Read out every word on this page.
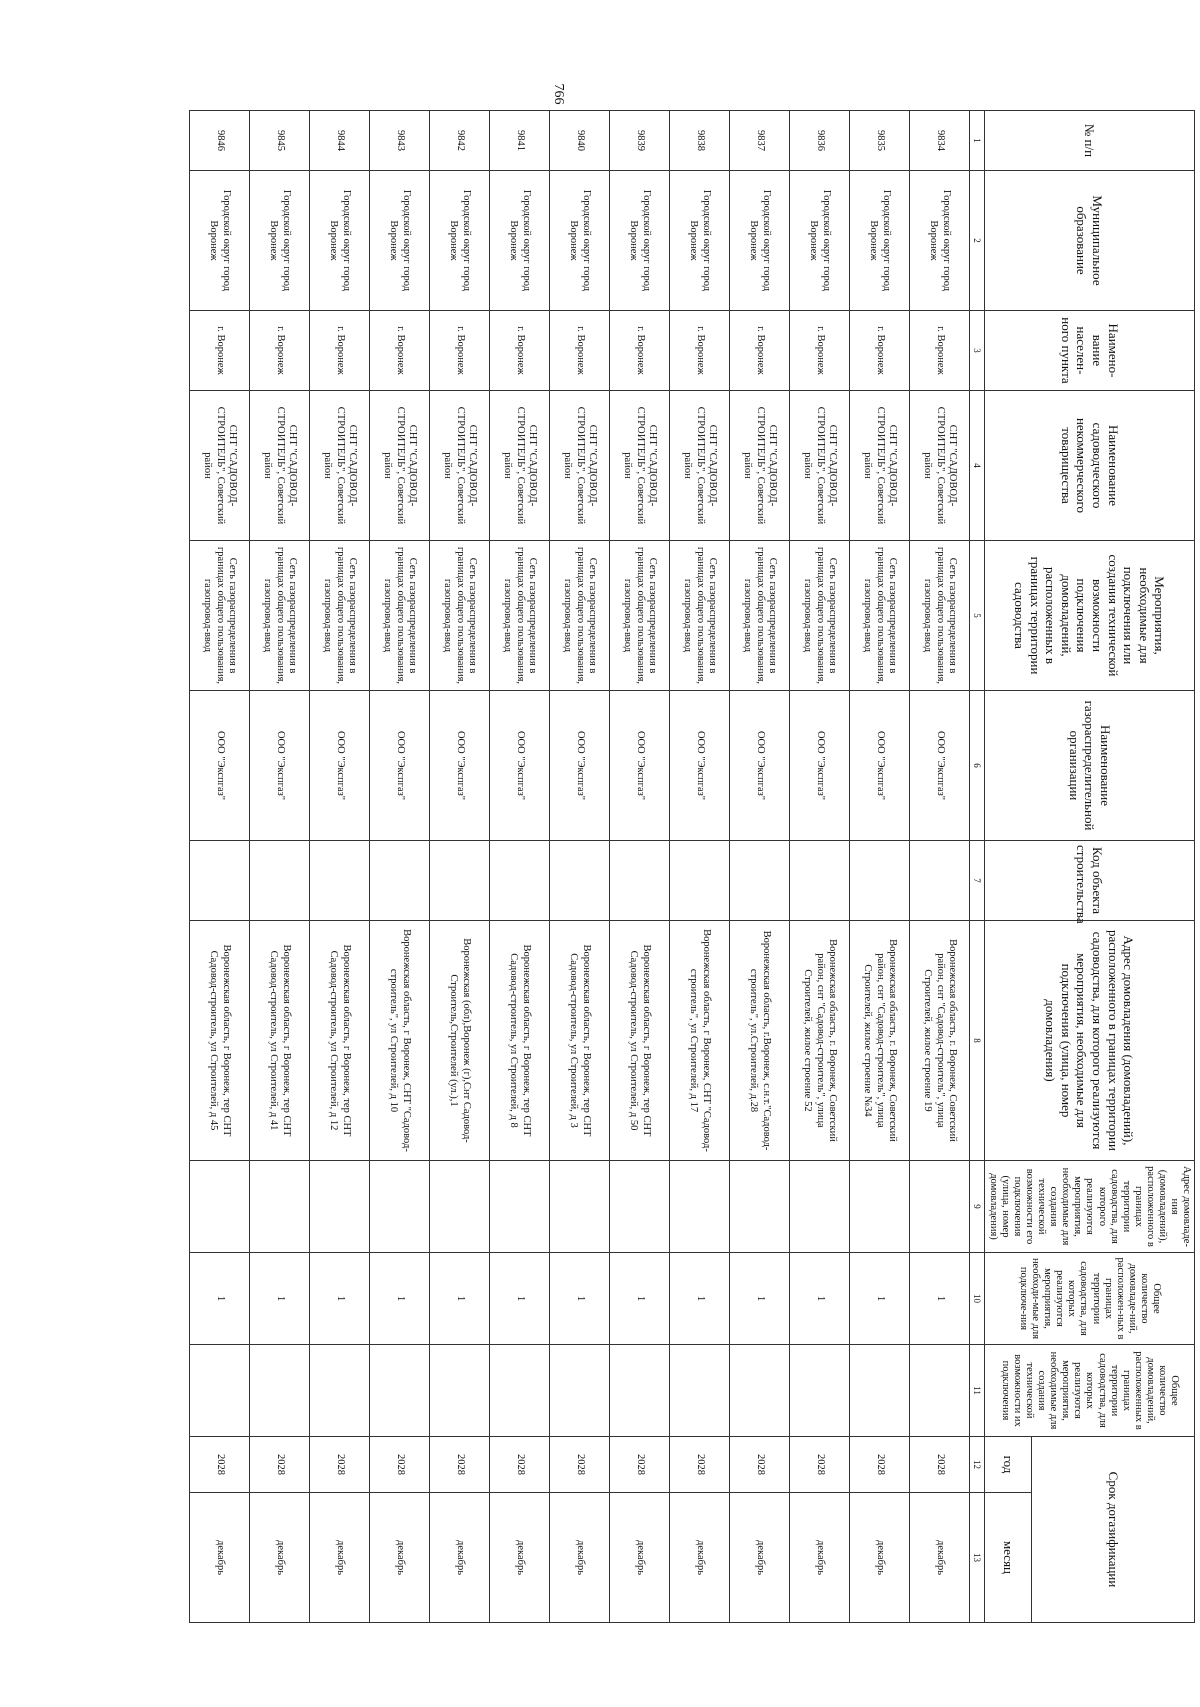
766
№ п/п	Муниципальное образование	Наимено-вание населен-ного пункта	Наименование садоводческого некоммерческого товарищества	Мероприятия, необходимые для подключения или создания технической возможности подключения домовладений, расположенных в границах территории садоводства	Наименование газораспределительной организации	Код объекта строительства	Адрес домовладения (домовладений), расположенного в границах территории садоводства, для которого реализуются мероприятия, необходимые для подключения (улица, номер домовладения)	Адрес домовладе-ния (домовладений), расположенного в границах территории садоводства, для которого реализуются мероприятия, необходимые для создания технической возможности его подключения (улица, номер домовладения)	Общее количество домовладе-ний, расположен-ных в границах территории садоводства, для которых реализуются мероприятия, необходи-мые для подключе-ния	Общее количество домовладений, расположенных в границах территории садоводства, для которых реализуются мероприятия, необходимые для создания технической возможности их подключения	Срок догазификации	
											год	месяц
1	2	3	4	5	6	7	8	9	10	11	12	13
9834	Городской округ город Воронеж	г. Воронеж	СНТ "САДОВОД-СТРОИТЕЛЬ", Советский район	Сеть газораспределения в границах общего пользования, газопровод-ввод	ООО "Экспгаз"		Воронежская область, г. Воронеж, Советский район, снт "Садовод-строитель", улица Строителей, жилое строение 19		1		2028	декабрь
9835	Городской округ город Воронеж	г. Воронеж	СНТ "САДОВОД-СТРОИТЕЛЬ", Советский район	Сеть газораспределения в границах общего пользования, газопровод-ввод	ООО "Экспгаз"		Воронежская область, г. Воронеж, Советский район, снт "Садовод-строитель", улица Строителей, жилое строение №34		1		2028	декабрь
9836	Городской округ город Воронеж	г. Воронеж	СНТ "САДОВОД-СТРОИТЕЛЬ", Советский район	Сеть газораспределения в границах общего пользования, газопровод-ввод	ООО "Экспгаз"		Воронежская область, г. Воронеж, Советский район, снт "Садовод-строитель", улица Строителей, жилое строение 52		1		2028	декабрь
9837	Городской округ город Воронеж	г. Воронеж	СНТ "САДОВОД-СТРОИТЕЛЬ", Советский район	Сеть газораспределения в границах общего пользования, газопровод-ввод	ООО "Экспгаз"		Воронежская область, г.Воронеж, с.н.т."Садовод-строитель", ул.Строителей, д.28		1		2028	декабрь
9838	Городской округ город Воронеж	г. Воронеж	СНТ "САДОВОД-СТРОИТЕЛЬ", Советский район	Сеть газораспределения в границах общего пользования, газопровод-ввод	ООО "Экспгаз"		Воронежская область, г Воронеж, СНТ "Садовод-строитель", ул Строителей, д 17		1		2028	декабрь
9839	Городской округ город Воронеж	г. Воронеж	СНТ "САДОВОД-СТРОИТЕЛЬ", Советский район	Сеть газораспределения в границах общего пользования, газопровод-ввод	ООО "Экспгаз"		Воронежская область, г Воронеж, тер СНТ Садовод-строитель, ул Строителей, д 50		1		2028	декабрь
9840	Городской округ город Воронеж	г. Воронеж	СНТ "САДОВОД-СТРОИТЕЛЬ", Советский район	Сеть газораспределения в границах общего пользования, газопровод-ввод	ООО "Экспгаз"		Воронежская область, г Воронеж, тер СНТ Садовод-строитель, ул Строителей, д 3		1		2028	декабрь
9841	Городской округ город Воронеж	г. Воронеж	СНТ "САДОВОД-СТРОИТЕЛЬ", Советский район	Сеть газораспределения в границах общего пользования, газопровод-ввод	ООО "Экспгаз"		Воронежская область, г Воронеж, тер СНТ Садовод-строитель, ул Строителей, д 8		1		2028	декабрь
9842	Городской округ город Воронеж	г. Воронеж	СНТ "САДОВОД-СТРОИТЕЛЬ", Советский район	Сеть газораспределения в границах общего пользования, газопровод-ввод	ООО "Экспгаз"		Воронежская (обл),Воронеж (г),Снт Садовод-Строитель,Строителей (ул.),1		1		2028	декабрь
9843	Городской округ город Воронеж	г. Воронеж	СНТ "САДОВОД-СТРОИТЕЛЬ", Советский район	Сеть газораспределения в границах общего пользования, газопровод-ввод	ООО "Экспгаз"		Воронежская область, г Воронеж, СНТ "Садовод-строитель", ул Строителей, д 10		1		2028	декабрь
9844	Городской округ город Воронеж	г. Воронеж	СНТ "САДОВОД-СТРОИТЕЛЬ", Советский район	Сеть газораспределения в границах общего пользования, газопровод-ввод	ООО "Экспгаз"		Воронежская область, г Воронеж, тер СНТ Садовод-строитель, ул Строителей, д 12		1		2028	декабрь
9845	Городской округ город Воронеж	г. Воронеж	СНТ "САДОВОД-СТРОИТЕЛЬ", Советский район	Сеть газораспределения в границах общего пользования, газопровод-ввод	ООО "Экспгаз"		Воронежская область, г Воронеж, тер СНТ Садовод-строитель, ул Строителей, д 41		1		2028	декабрь
9846	Городской округ город Воронеж	г. Воронеж	СНТ "САДОВОД-СТРОИТЕЛЬ", Советский район	Сеть газораспределения в границах общего пользования, газопровод-ввод	ООО "Экспгаз"		Воронежская область, г Воронеж, тер СНТ Садовод-строитель, ул Строителей, д 45		1		2028	декабрь
